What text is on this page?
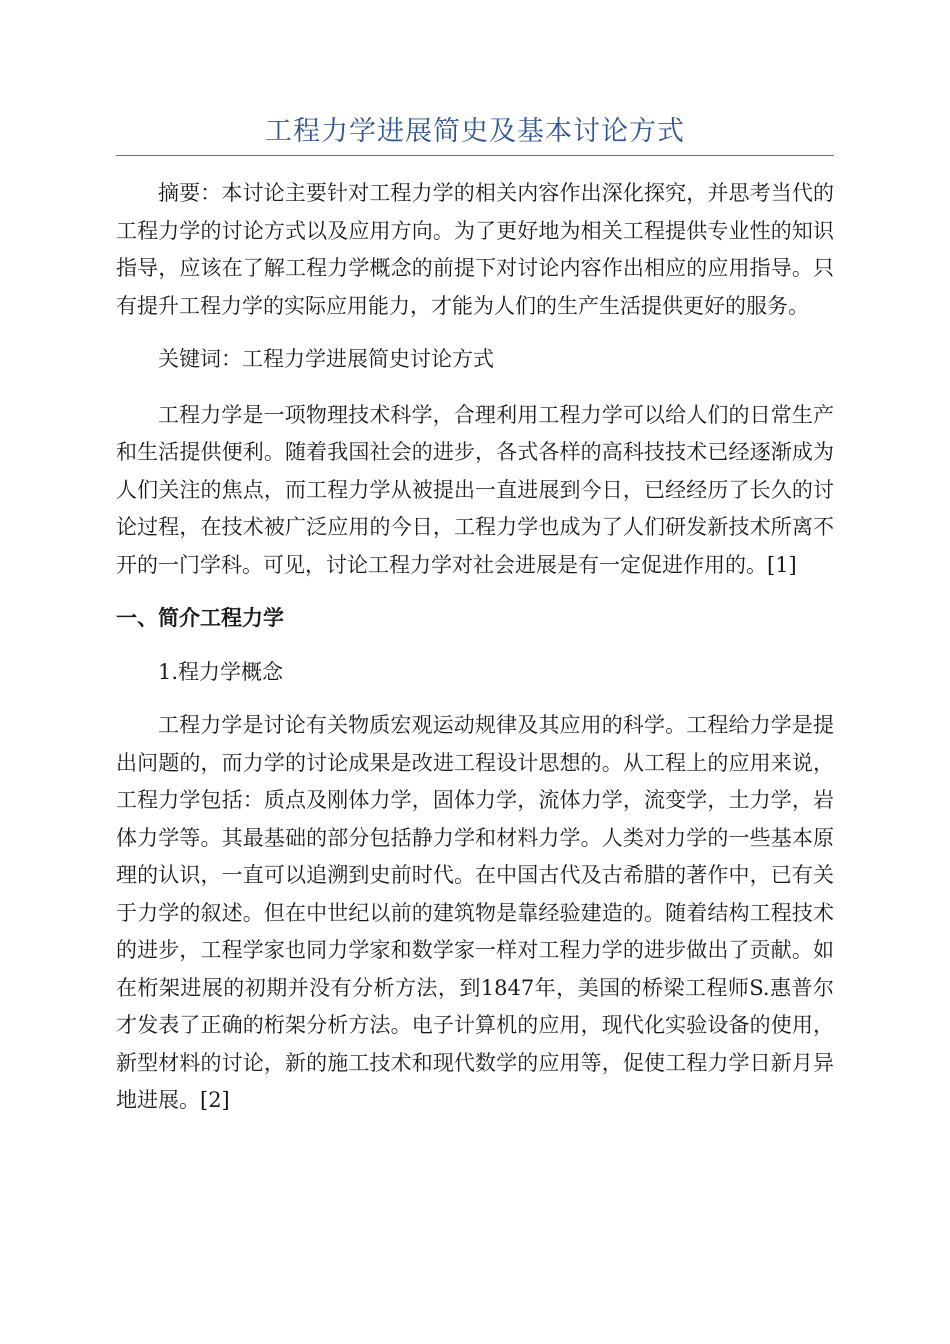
工程力学进展简史及基本讨论方式

摘要：本讨论主要针对工程力学的相关内容作出深化探究，并思考当代的工程力学的讨论方式以及应用方向。为了更好地为相关工程提供专业性的知识指导，应该在了解工程力学概念的前提下对讨论内容作出相应的应用指导。只有提升工程力学的实际应用能力，才能为人们的生产生活提供更好的服务。

关键词：工程力学进展简史讨论方式

工程力学是一项物理技术科学，合理利用工程力学可以给人们的日常生产和生活提供便利。随着我国社会的进步，各式各样的高科技技术已经逐渐成为人们关注的焦点，而工程力学从被提出一直进展到今日，已经经历了长久的讨论过程，在技术被广泛应用的今日，工程力学也成为了人们研发新技术所离不开的一门学科。可见，讨论工程力学对社会进展是有一定促进作用的。[1]

一、简介工程力学
1.程力学概念

工程力学是讨论有关物质宏观运动规律及其应用的科学。工程给力学是提出问题的，而力学的讨论成果是改进工程设计思想的。从工程上的应用来说，工程力学包括：质点及刚体力学，固体力学，流体力学，流变学，土力学，岩体力学等。其最基础的部分包括静力学和材料力学。人类对力学的一些基本原理的认识，一直可以追溯到史前时代。在中国古代及古希腊的著作中，已有关于力学的叙述。但在中世纪以前的建筑物是靠经验建造的。随着结构工程技术的进步，工程学家也同力学家和数学家一样对工程力学的进步做出了贡献。如在桁架进展的初期并没有分析方法，到1847年，美国的桥梁工程师S.惠普尔才发表了正确的桁架分析方法。电子计算机的应用，现代化实验设备的使用，新型材料的讨论，新的施工技术和现代数学的应用等，促使工程力学日新月异地进展。[2]
